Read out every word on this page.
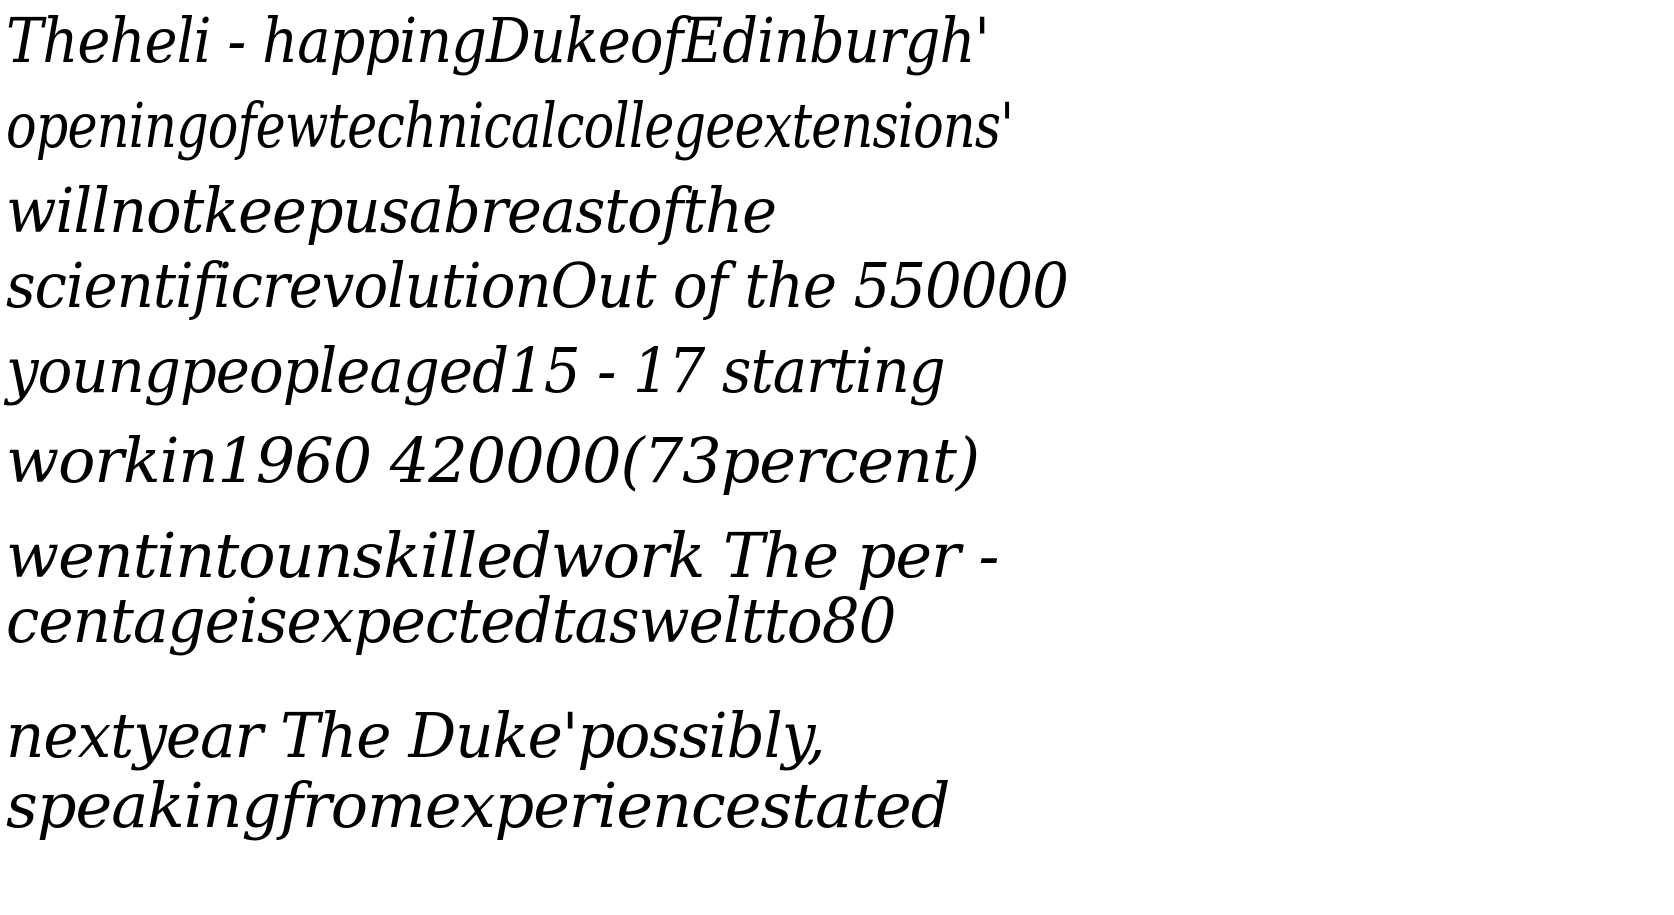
Theheli - happingDukeofEdinburgh'
openingofewtechnicalcollegeextensions'
willnotkeepusabreastofthe
scientificrevolutionOut of the 550000
youngpeopleaged15 - 17 starting
workin1960 420000(73percent)
wentintounskilledwork The per -
centageisexpectedtasweltto80
nextyear The Duke'possibly,
speakingfromexperiencestated
